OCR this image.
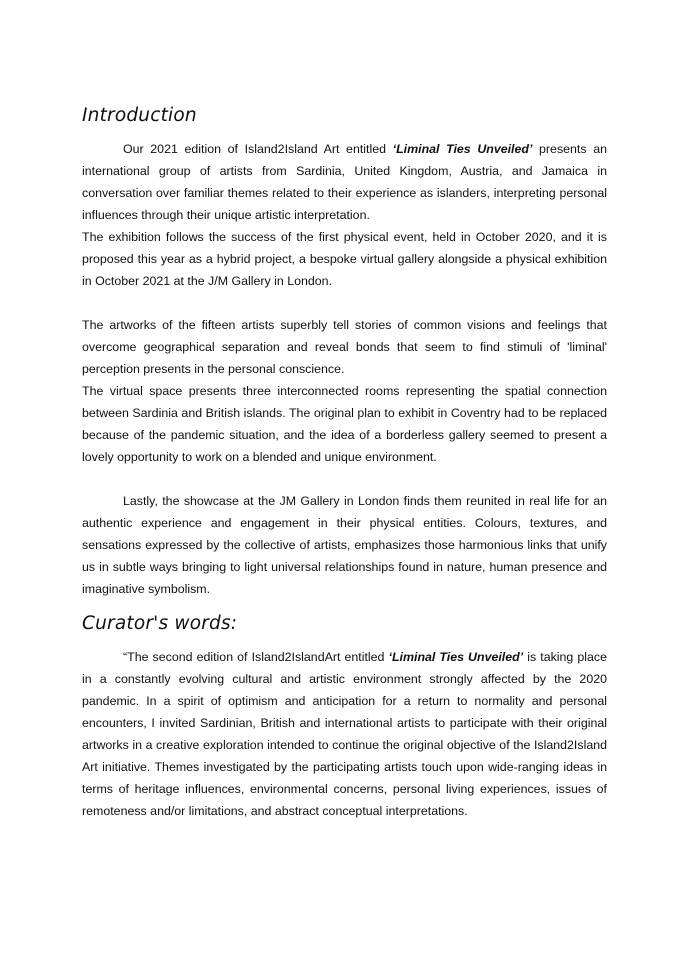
Introduction

Our 2021 edition of Island2Island Art entitled ‘Liminal Ties Unveiled’ presents an international group of artists from Sardinia, United Kingdom, Austria, and Jamaica in conversation over familiar themes related to their experience as islanders, interpreting personal influences through their unique artistic interpretation.

The exhibition follows the success of the first physical event, held in October 2020, and it is proposed this year as a hybrid project, a bespoke virtual gallery alongside a physical exhibition in October 2021 at the J/M Gallery in London.

The artworks of the fifteen artists superbly tell stories of common visions and feelings that overcome geographical separation and reveal bonds that seem to find stimuli of 'liminal' perception presents in the personal conscience.

The virtual space presents three interconnected rooms representing the spatial connection between Sardinia and British islands. The original plan to exhibit in Coventry had to be replaced because of the pandemic situation, and the idea of a borderless gallery seemed to present a lovely opportunity to work on a blended and unique environment.

Lastly, the showcase at the JM Gallery in London finds them reunited in real life for an authentic experience and engagement in their physical entities. Colours, textures, and sensations expressed by the collective of artists, emphasizes those harmonious links that unify us in subtle ways bringing to light universal relationships found in nature, human presence and imaginative symbolism.

Curator's words:

“The second edition of Island2IslandArt entitled ‘Liminal Ties Unveiled’ is taking place in a constantly evolving cultural and artistic environment strongly affected by the 2020 pandemic. In a spirit of optimism and anticipation for a return to normality and personal encounters, I invited Sardinian, British and international artists to participate with their original artworks in a creative exploration intended to continue the original objective of the Island2Island Art initiative. Themes investigated by the participating artists touch upon wide-ranging ideas in terms of heritage influences, environmental concerns, personal living experiences, issues of remoteness and/or limitations, and abstract conceptual interpretations.
